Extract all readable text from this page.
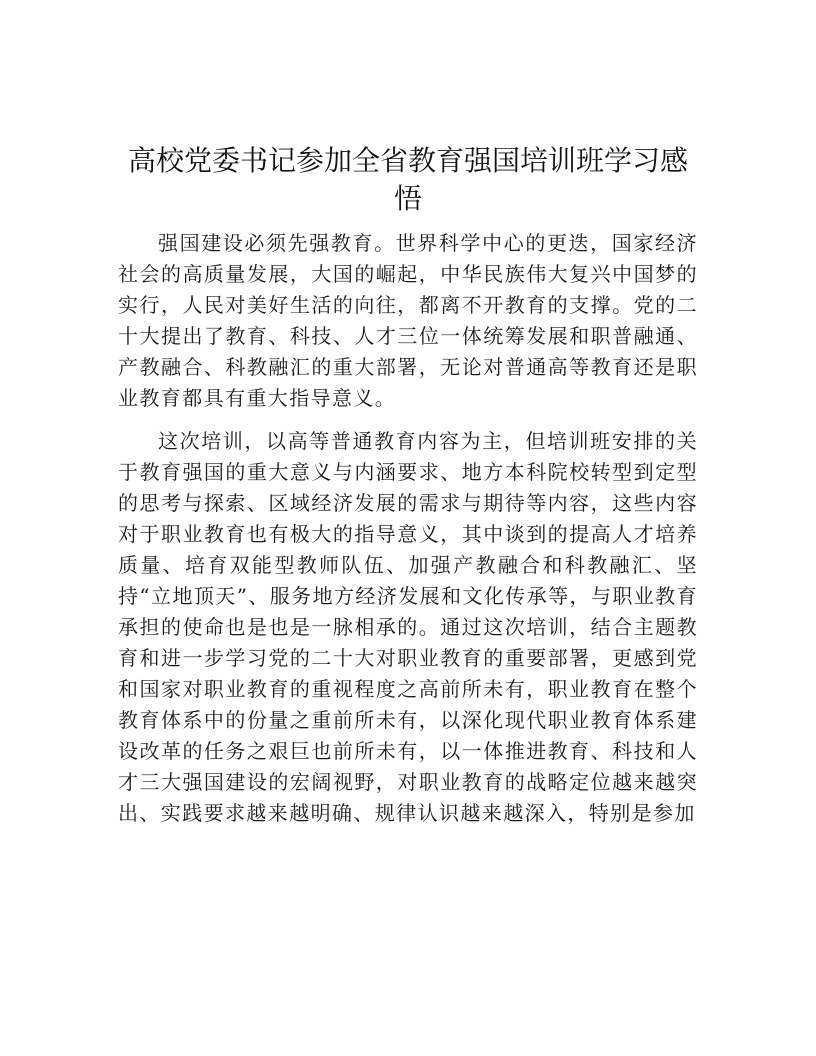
高校党委书记参加全省教育强国培训班学习感悟

强国建设必须先强教育。世界科学中心的更迭，国家经济社会的高质量发展，大国的崛起，中华民族伟大复兴中国梦的实行，人民对美好生活的向往，都离不开教育的支撑。党的二十大提出了教育、科技、人才三位一体统筹发展和职普融通、产教融合、科教融汇的重大部署，无论对普通高等教育还是职业教育都具有重大指导意义。

这次培训，以高等普通教育内容为主，但培训班安排的关于教育强国的重大意义与内涵要求、地方本科院校转型到定型的思考与探索、区域经济发展的需求与期待等内容，这些内容对于职业教育也有极大的指导意义，其中谈到的提高人才培养质量、培育双能型教师队伍、加强产教融合和科教融汇、坚持“立地顶天”、服务地方经济发展和文化传承等，与职业教育承担的使命也是也是一脉相承的。通过这次培训，结合主题教育和进一步学习党的二十大对职业教育的重要部署，更感到党和国家对职业教育的重视程度之高前所未有，职业教育在整个教育体系中的份量之重前所未有，以深化现代职业教育体系建设改革的任务之艰巨也前所未有，以一体推进教育、科技和人才三大强国建设的宏阔视野，对职业教育的战略定位越来越突出、实践要求越来越明确、规律认识越来越深入，特别是参加
